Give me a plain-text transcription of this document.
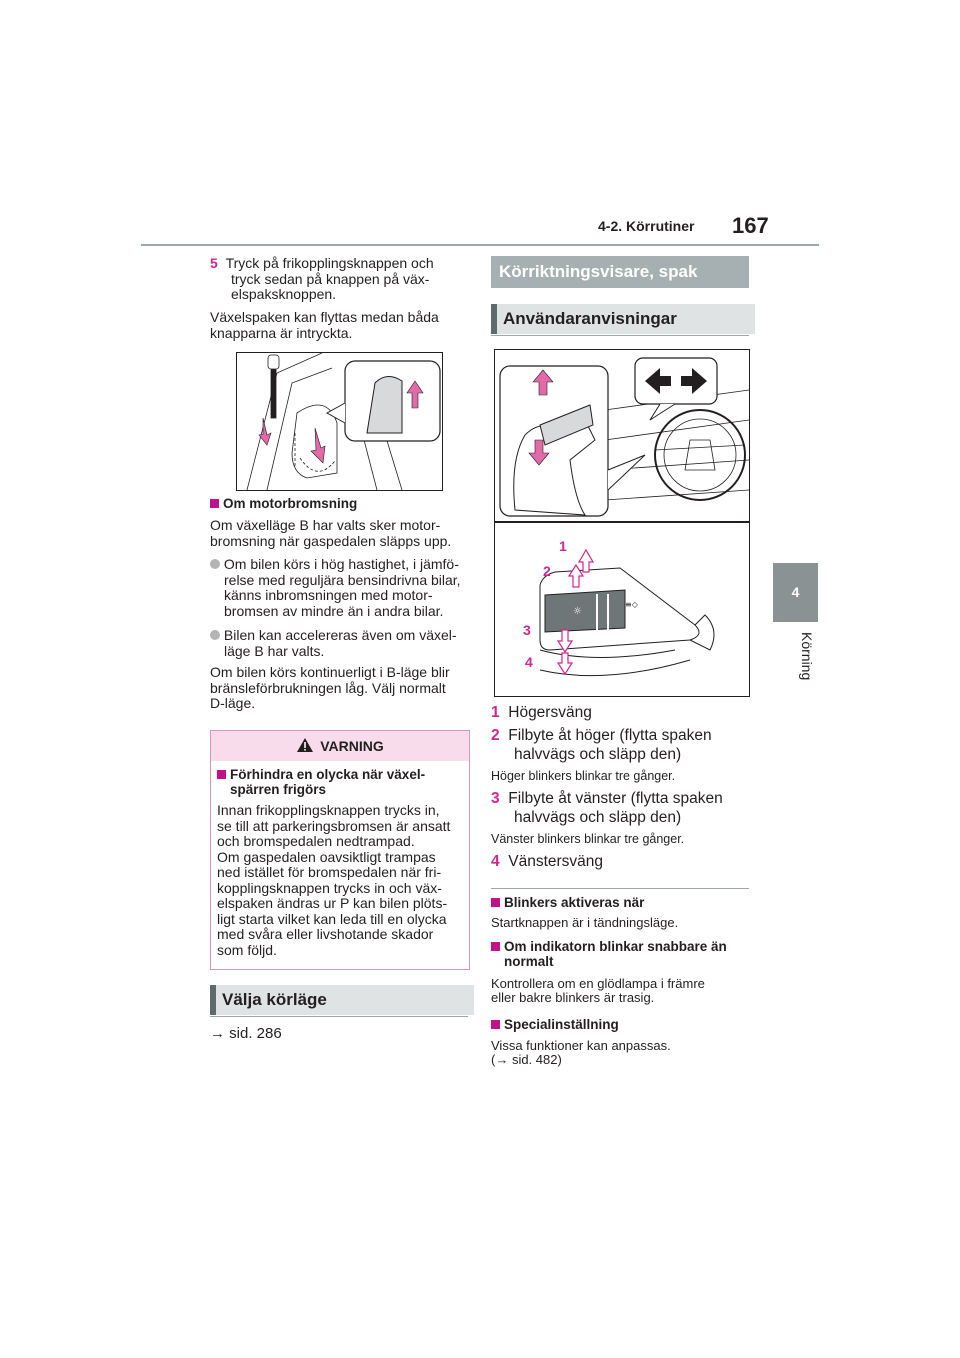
4-2. Körrutiner 167
4
Körning
5 Tryck på frikopplingsknappen och
tryck sedan på knappen på väx-
elspaksknoppen.
Växelspaken kan flyttas medan båda
knapparna är intryckta.
Om motorbromsning
Om växelläge B har valts sker motor-
bromsning när gaspedalen släpps upp.
Om bilen körs i hög hastighet, i jämfö-
relse med reguljära bensindrivna bilar,
känns inbromsningen med motor-
bromsen av mindre än i andra bilar.
Bilen kan accelereras även om växel-
läge B har valts.
Om bilen körs kontinuerligt i B-läge blir
bränsleförbrukningen låg. Välj normalt
D-läge.
VARNING
Förhindra en olycka när växel-
spärren frigörs
Innan frikopplingsknappen trycks in,
se till att parkeringsbromsen är ansatt
och bromspedalen nedtrampad.
Om gaspedalen oavsiktligt trampas
ned istället för bromspedalen när fri-
kopplingsknappen trycks in och väx-
elspaken ändras ur P kan bilen plöts-
ligt starta vilket kan leda till en olycka
med svåra eller livshotande skador
som följd.
Välja körläge
→ sid. 286
Körriktningsvisare, spak
Användaranvisningar
☼
≡◇
1
2
3
4
1 Högersväng
2 Filbyte åt höger (flytta spaken
halvvägs och släpp den)
Höger blinkers blinkar tre gånger.
3 Filbyte åt vänster (flytta spaken
halvvägs och släpp den)
Vänster blinkers blinkar tre gånger.
4 Vänstersväng
Blinkers aktiveras när
Startknappen är i tändningsläge.
Om indikatorn blinkar snabbare än
normalt
Kontrollera om en glödlampa i främre
eller bakre blinkers är trasig.
Specialinställning
Vissa funktioner kan anpassas.
(→ sid. 482)
